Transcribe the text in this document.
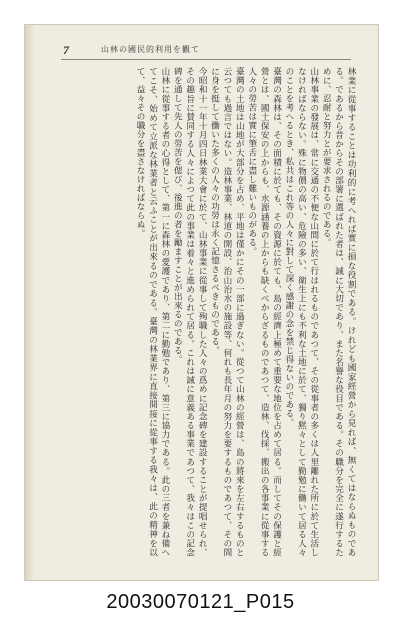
7	山林の國民的利用を觀て

林業に從事することは功利的に考へれば實に損な役割である。けれども國家經營から見れば、無くてはならぬものである。であるから昔からその部署に選ばれた者は、誠に大切であり、また名譽な役目である。その職分を完全に遂行するために、忍耐と努力とが要求されるのである。

山林事業の發展は、常に交通の不便な山間に於て行はれるものであつて、その從事者の多くは人里離れた所に於て生活しなければならない。殊に物價の高い、危險の多い、衛生上にも不利な土地に於て、獨り黙々として勤勉に働いて居る人々のことを考へるとき、私共はこれ等の人々に對して深く感謝の念を禁じ得ないのである。

臺灣の森林は、その面積に於ても、その資源に於ても、島の經濟上極めて重要な地位を占めて居る。而してその保護と經營とは、國土保安の上からも、水源涵養の上からも缺くべからざるものであつて、造林、伐採、搬出の各事業に從事する人々の勞苦は實に筆舌に盡し難いものがある。

臺灣の土地は山地が大部分を占め、平地は僅かにその一部に過ぎない。從つて山林の經營は、島の將來を左右するものと云つても過言ではない。造林事業、林道の開設、治山治水の施設等、何れも長年月の努力を要するものであつて、その間に身を挺して働いた多くの人々の功勞は永く記憶さるべきものである。

今昭和十一年十月四日林業大會に於て、山林事業に從事して殉職した人々の爲めに記念碑を建設することが提唱せられ、その趣旨に賛同する人々によつて此の事業は着々と進められて居る。これは誠に意義ある事業であつて、我々はこの記念碑を通して先人の勞苦を偲び、後進の者を勵ますことが出來るのである。

山林に從事する者の心得として、第一に森林の愛護であり、第二に勤勉であり、第三に協力である。此の三者を兼ね備へてこそ、始めて立派な林業者と云ふことが出來るのである。臺灣の林業界に直接間接に從事する我々は、此の精神を以て、益々その職分を盡さなければならぬ。

20030070121_P015
